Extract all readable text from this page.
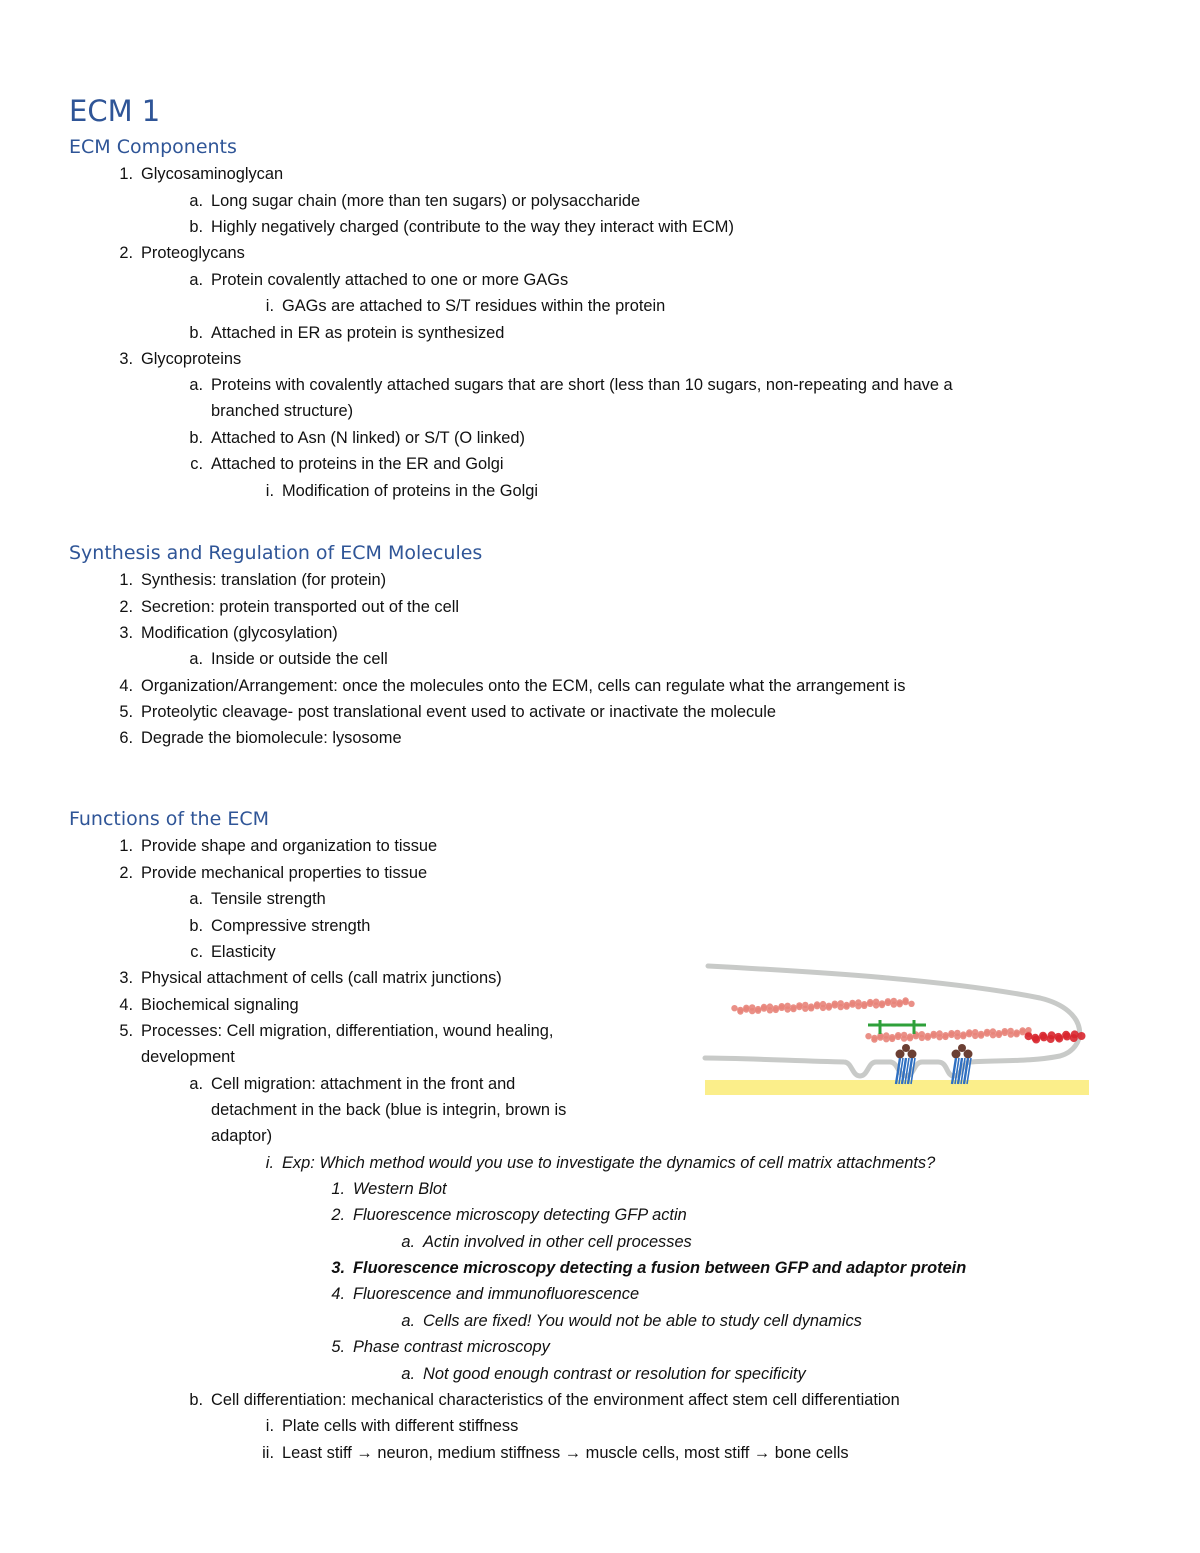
ECM 1
ECM Components
1. Glycosaminoglycan
a. Long sugar chain (more than ten sugars) or polysaccharide
b. Highly negatively charged (contribute to the way they interact with ECM)
2. Proteoglycans
a. Protein covalently attached to one or more GAGs
i. GAGs are attached to S/T residues within the protein
b. Attached in ER as protein is synthesized
3. Glycoproteins
a. Proteins with covalently attached sugars that are short (less than 10 sugars, non-repeating and have a
branched structure)
b. Attached to Asn (N linked) or S/T (O linked)
c. Attached to proteins in the ER and Golgi
i. Modification of proteins in the Golgi
Synthesis and Regulation of ECM Molecules
1. Synthesis: translation (for protein)
2. Secretion: protein transported out of the cell
3. Modification (glycosylation)
a. Inside or outside the cell
4. Organization/Arrangement: once the molecules onto the ECM, cells can regulate what the arrangement is
5. Proteolytic cleavage- post translational event used to activate or inactivate the molecule
6. Degrade the biomolecule: lysosome
Functions of the ECM
1. Provide shape and organization to tissue
2. Provide mechanical properties to tissue
a. Tensile strength
b. Compressive strength
c. Elasticity
3. Physical attachment of cells (call matrix junctions)
4. Biochemical signaling
5. Processes: Cell migration, differentiation, wound healing,
development
a. Cell migration: attachment in the front and
detachment in the back (blue is integrin, brown is
adaptor)
i. Exp: Which method would you use to investigate the dynamics of cell matrix attachments?
1. Western Blot
2. Fluorescence microscopy detecting GFP actin
a. Actin involved in other cell processes
3. Fluorescence microscopy detecting a fusion between GFP and adaptor protein
4. Fluorescence and immunofluorescence
a. Cells are fixed! You would not be able to study cell dynamics
5. Phase contrast microscopy
a. Not good enough contrast or resolution for specificity
b. Cell differentiation: mechanical characteristics of the environment affect stem cell differentiation
i. Plate cells with different stiffness
ii. Least stiff → neuron, medium stiffness → muscle cells, most stiff → bone cells
